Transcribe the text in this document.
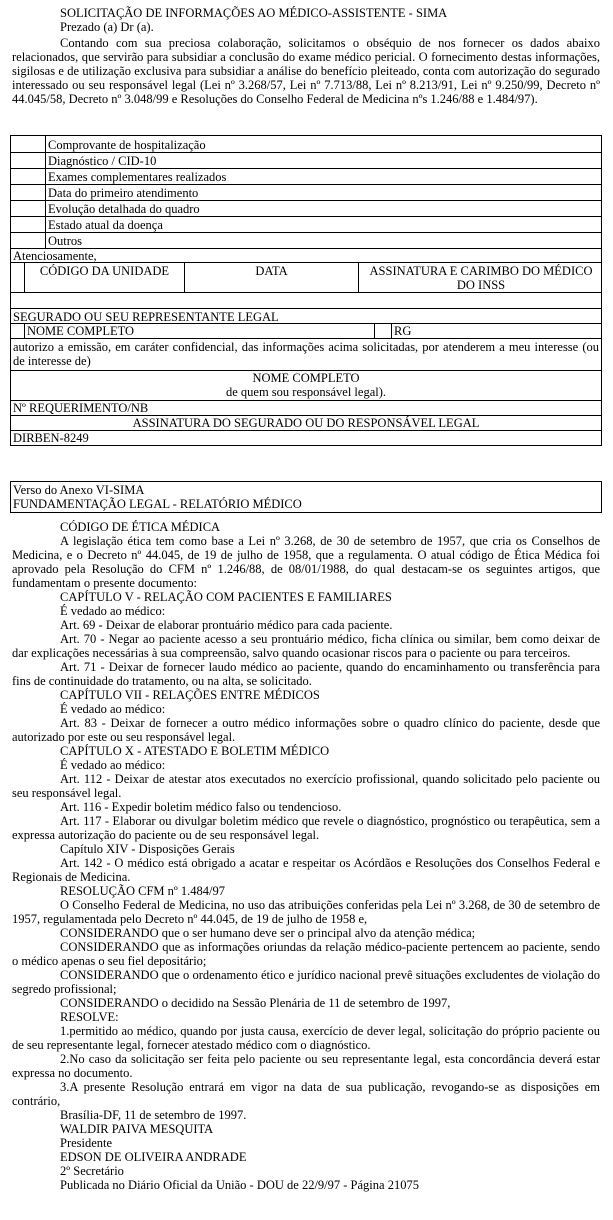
SOLICITAÇÃO DE INFORMAÇÕES AO MÉDICO-ASSISTENTE - SIMA
Prezado (a) Dr (a).
Contando com sua preciosa colaboração, solicitamos o obséquio de nos fornecer os dados abaixo relacionados, que servirão para subsidiar a conclusão do exame médico pericial. O fornecimento destas informações, sigilosas e de utilização exclusiva para subsidiar a análise do benefício pleiteado, conta com autorização do segurado interessado ou seu responsável legal (Lei nº 3.268/57, Lei nº 7.713/88, Lei nº 8.213/91, Lei nº 9.250/99, Decreto nº 44.045/58, Decreto nº 3.048/99 e Resoluções do Conselho Federal de Medicina nºs 1.246/88 e 1.484/97).
Comprovante de hospitalização
Diagnóstico / CID-10
Exames complementares realizados
Data do primeiro atendimento
Evolução detalhada do quadro
Estado atual da doença
Outros
Atenciosamente,
CÓDIGO DA UNIDADE	DATA	ASSINATURA E CARIMBO DO MÉDICO DO INSS
SEGURADO OU SEU REPRESENTANTE LEGAL
NOME COMPLETO	RG
autorizo a emissão, em caráter confidencial, das informações acima solicitadas, por atenderem a meu interesse (ou de interesse de)
NOME COMPLETO
de quem sou responsável legal).
Nº REQUERIMENTO/NB
ASSINATURA DO SEGURADO OU DO RESPONSÁVEL LEGAL
DIRBEN-8249
Verso do Anexo VI-SIMA
FUNDAMENTAÇÃO LEGAL - RELATÓRIO MÉDICO
CÓDIGO DE ÉTICA MÉDICA
A legislação ética tem como base a Lei nº 3.268, de 30 de setembro de 1957, que cria os Conselhos de Medicina, e o Decreto nº 44.045, de 19 de julho de 1958, que a regulamenta. O atual código de Ética Médica foi aprovado pela Resolução do CFM nº 1.246/88, de 08/01/1988, do qual destacam-se os seguintes artigos, que fundamentam o presente documento:
CAPÍTULO V - RELAÇÃO COM PACIENTES E FAMILIARES
É vedado ao médico:
Art. 69 - Deixar de elaborar prontuário médico para cada paciente.
Art. 70 - Negar ao paciente acesso a seu prontuário médico, ficha clínica ou similar, bem como deixar de dar explicações necessárias à sua compreensão, salvo quando ocasionar riscos para o paciente ou para terceiros.
Art. 71 - Deixar de fornecer laudo médico ao paciente, quando do encaminhamento ou transferência para fins de continuidade do tratamento, ou na alta, se solicitado.
CAPÍTULO VII - RELAÇÕES ENTRE MÉDICOS
É vedado ao médico:
Art. 83 - Deixar de fornecer a outro médico informações sobre o quadro clínico do paciente, desde que autorizado por este ou seu responsável legal.
CAPÍTULO X - ATESTADO E BOLETIM MÉDICO
É vedado ao médico:
Art. 112 - Deixar de atestar atos executados no exercício profissional, quando solicitado pelo paciente ou seu responsável legal.
Art. 116 - Expedir boletim médico falso ou tendencioso.
Art. 117 - Elaborar ou divulgar boletim médico que revele o diagnóstico, prognóstico ou terapêutica, sem a expressa autorização do paciente ou de seu responsável legal.
Capítulo XIV - Disposições Gerais
Art. 142 - O médico está obrigado a acatar e respeitar os Acórdãos e Resoluções dos Conselhos Federal e Regionais de Medicina.
RESOLUÇÃO CFM nº 1.484/97
O Conselho Federal de Medicina, no uso das atribuições conferidas pela Lei nº 3.268, de 30 de setembro de 1957, regulamentada pelo Decreto nº 44.045, de 19 de julho de 1958 e,
CONSIDERANDO que o ser humano deve ser o principal alvo da atenção médica;
CONSIDERANDO que as informações oriundas da relação médico-paciente pertencem ao paciente, sendo o médico apenas o seu fiel depositário;
CONSIDERANDO que o ordenamento ético e jurídico nacional prevê situações excludentes de violação do segredo profissional;
CONSIDERANDO o decidido na Sessão Plenária de 11 de setembro de 1997,
RESOLVE:
1.permitido ao médico, quando por justa causa, exercício de dever legal, solicitação do próprio paciente ou de seu representante legal, fornecer atestado médico com o diagnóstico.
2.No caso da solicitação ser feita pelo paciente ou seu representante legal, esta concordância deverá estar expressa no documento.
3.A presente Resolução entrará em vigor na data de sua publicação, revogando-se as disposições em contrário,
Brasília-DF, 11 de setembro de 1997.
WALDIR PAIVA MESQUITA
Presidente
EDSON DE OLIVEIRA ANDRADE
2º Secretário
Publicada no Diário Oficial da União - DOU de 22/9/97 - Página 21075
